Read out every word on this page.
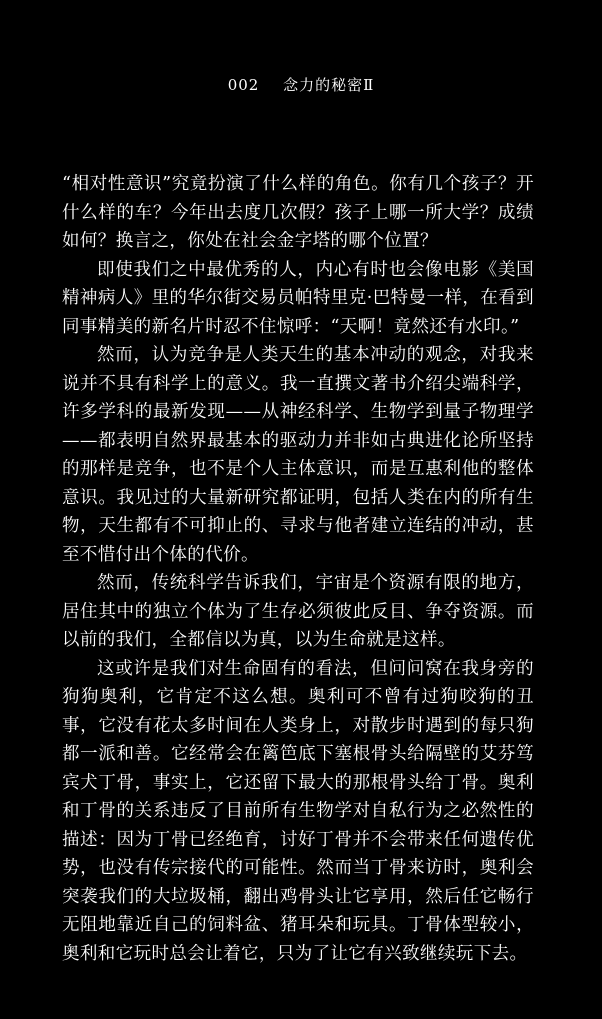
002 念力的秘密Ⅱ

“相对性意识”究竟扮演了什么样的角色。你有几个孩子？开什么样的车？今年出去度几次假？孩子上哪一所大学？成绩如何？换言之，你处在社会金字塔的哪个位置？

即使我们之中最优秀的人，内心有时也会像电影《美国精神病人》里的华尔街交易员帕特里克·巴特曼一样，在看到同事精美的新名片时忍不住惊呼：“天啊！竟然还有水印。”

然而，认为竞争是人类天生的基本冲动的观念，对我来说并不具有科学上的意义。我一直撰文著书介绍尖端科学，许多学科的最新发现——从神经科学、生物学到量子物理学——都表明自然界最基本的驱动力并非如古典进化论所坚持的那样是竞争，也不是个人主体意识，而是互惠利他的整体意识。我见过的大量新研究都证明，包括人类在内的所有生物，天生都有不可抑止的、寻求与他者建立连结的冲动，甚至不惜付出个体的代价。

然而，传统科学告诉我们，宇宙是个资源有限的地方，居住其中的独立个体为了生存必须彼此反目、争夺资源。而以前的我们，全都信以为真，以为生命就是这样。

这或许是我们对生命固有的看法，但问问窝在我身旁的狗狗奥利，它肯定不这么想。奥利可不曾有过狗咬狗的丑事，它没有花太多时间在人类身上，对散步时遇到的每只狗都一派和善。它经常会在篱笆底下塞根骨头给隔壁的艾芬笃宾犬丁骨，事实上，它还留下最大的那根骨头给丁骨。奥利和丁骨的关系违反了目前所有生物学对自私行为之必然性的描述：因为丁骨已经绝育，讨好丁骨并不会带来任何遗传优势，也没有传宗接代的可能性。然而当丁骨来访时，奥利会突袭我们的大垃圾桶，翻出鸡骨头让它享用，然后任它畅行无阻地靠近自己的饲料盆、猪耳朵和玩具。丁骨体型较小，奥利和它玩时总会让着它，只为了让它有兴致继续玩下去。
